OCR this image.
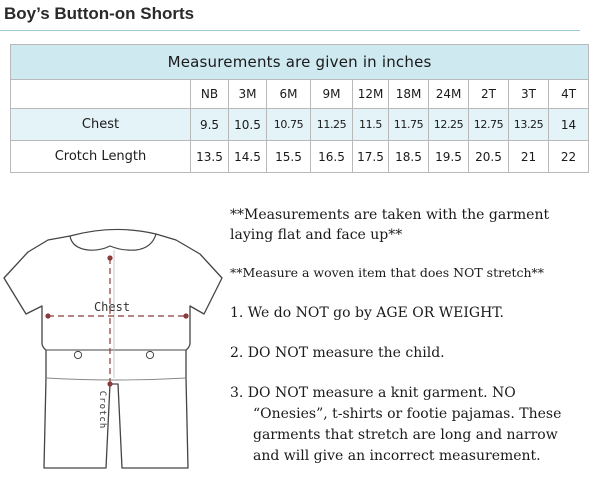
Boy’s Button-on Shorts
Measurements are given in inches										
	NB	3M	6M	9M	12M	18M	24M	2T	3T	4T
Chest	9.5	10.5	10.75	11.25	11.5	11.75	12.25	12.75	13.25	14
Crotch Length	13.5	14.5	15.5	16.5	17.5	18.5	19.5	20.5	21	22
Chest
Crotch
**Measurements are taken with the garment
laying flat and face up**
**Measure a woven item that does NOT stretch**
1. We do NOT go by AGE OR WEIGHT.
2. DO NOT measure the child.
3. DO NOT measure a knit garment. NO
“Onesies”, t-shirts or footie pajamas. These
garments that stretch are long and narrow
and will give an incorrect measurement.
